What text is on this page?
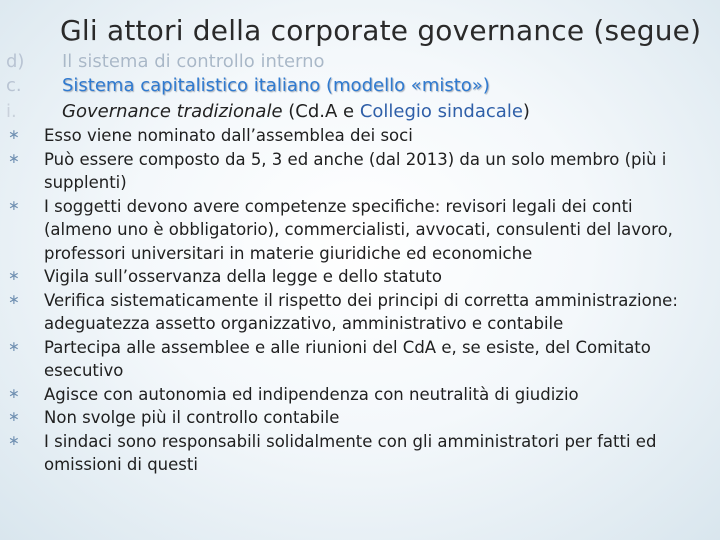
Gli attori della corporate governance (segue)
d) Il sistema di controllo interno
c. Sistema capitalistico italiano (modello «misto»)
i.	Governance tradizionale (Cd.A e Collegio sindacale)
∗ Esso viene nominato dall’assemblea dei soci
∗ Può essere composto da 5, 3 ed anche (dal 2013) da un solo membro (più i supplenti)
∗ I soggetti devono avere competenze specifiche: revisori legali dei conti (almeno uno è obbligatorio), commercialisti, avvocati, consulenti del lavoro, professori universitari in materie giuridiche ed economiche
∗ Vigila sull’osservanza della legge e dello statuto
∗ Verifica sistematicamente il rispetto dei principi di corretta amministrazione: adeguatezza assetto organizzativo, amministrativo e contabile
∗ Partecipa alle assemblee e alle riunioni del CdA e, se esiste, del Comitato esecutivo
∗ Agisce con autonomia ed indipendenza con neutralità di giudizio
∗ Non svolge più il controllo contabile
∗ I sindaci sono responsabili solidalmente con gli amministratori per fatti ed omissioni di questi
